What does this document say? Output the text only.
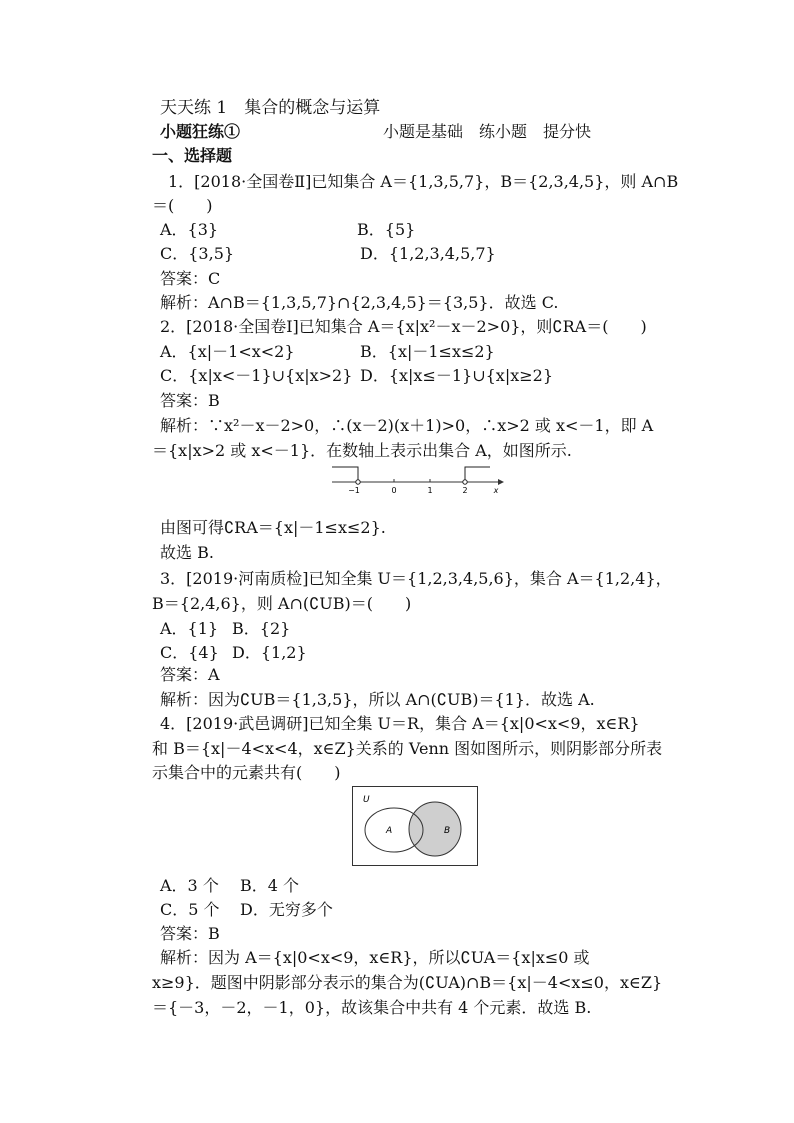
天天练 1　集合的概念与运算
小题狂练①	小题是基础　练小题　提分快
一、选择题
1．[2018·全国卷Ⅱ]已知集合 A＝{1,3,5,7}，B＝{2,3,4,5}，则 A∩B
＝(　　)
A．{3}	B．{5}
C．{3,5}	D．{1,2,3,4,5,7}
答案：C
解析：A∩B＝{1,3,5,7}∩{2,3,4,5}＝{3,5}．故选 C.
2．[2018·全国卷Ⅰ]已知集合 A＝{x|x²－x－2>0}，则∁RA＝(　　)
A．{x|－1<x<2}	B．{x|－1≤x≤2}
C．{x|x<－1}∪{x|x>2} D．{x|x≤－1}∪{x|x≥2}
答案：B
解析：∵x²－x－2>0，∴(x－2)(x＋1)>0，∴x>2 或 x<－1，即 A
＝{x|x>2 或 x<－1}．在数轴上表示出集合 A，如图所示.
−1	0	1	2	x
由图可得∁RA＝{x|－1≤x≤2}.
故选 B.
3．[2019·河南质检]已知全集 U＝{1,2,3,4,5,6}，集合 A＝{1,2,4}，
B＝{2,4,6}，则 A∩(∁UB)＝(　　)
A．{1} B．{2}
C．{4} D．{1,2}
答案：A
解析：因为∁UB＝{1,3,5}，所以 A∩(∁UB)＝{1}．故选 A.
4．[2019·武邑调研]已知全集 U＝R，集合 A＝{x|0<x<9，x∈R}
和 B＝{x|－4<x<4，x∈Z}关系的 Venn 图如图所示，则阴影部分所表
示集合中的元素共有(　　)
U
A	B
A．3 个 B．4 个
C．5 个 D．无穷多个
答案：B
解析：因为 A＝{x|0<x<9，x∈R}，所以∁UA＝{x|x≤0 或
x≥9}．题图中阴影部分表示的集合为(∁UA)∩B＝{x|－4<x≤0，x∈Z}
＝{－3，－2，－1，0}，故该集合中共有 4 个元素．故选 B.
